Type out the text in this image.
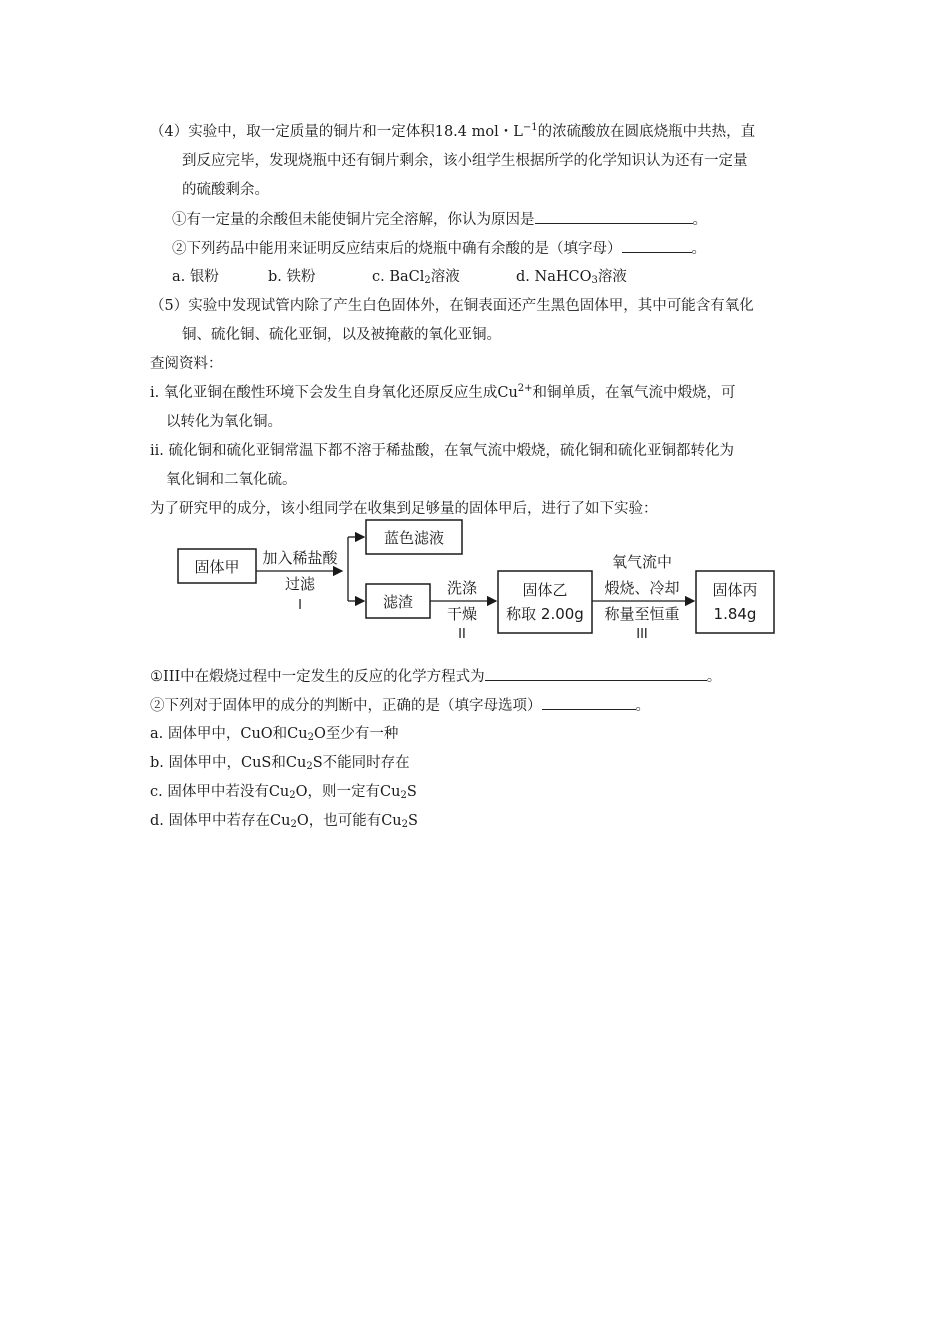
（4）实验中，取一定质量的铜片和一定体积18.4 mol・$L^{-1}$的浓硫酸放在圆底烧瓶中共热，直
到反应完毕，发现烧瓶中还有铜片剩余，该小组学生根据所学的化学知识认为还有一定量
的硫酸剩余。
①有一定量的余酸但未能使铜片完全溶解，你认为原因是	。
②下列药品中能用来证明反应结束后的烧瓶中确有余酸的是（填字母）	。
a. 银粉	b. 铁粉	c. BaCl$_2$溶液	d. NaHCO$_3$溶液
（5）实验中发现试管内除了产生白色固体外，在铜表面还产生黑色固体甲，其中可能含有氧化
铜、硫化铜、硫化亚铜，以及被掩蔽的氧化亚铜。
查阅资料：
i. 氧化亚铜在酸性环境下会发生自身氧化还原反应生成$Cu^{2+}$和铜单质，在氧气流中煅烧，可
以转化为氧化铜。
ii. 硫化铜和硫化亚铜常温下都不溶于稀盐酸，在氧气流中煅烧，硫化铜和硫化亚铜都转化为
氧化铜和二氧化硫。
为了研究甲的成分，该小组同学在收集到足够量的固体甲后，进行了如下实验：
固体甲 加入稀盐酸
过滤
I
蓝色滤液
滤渣
洗涤
干燥
II
固体乙
称取 2.00g
氧气流中
煅烧、冷却
称量至恒重
III
固体丙
1.84g
①III中在煅烧过程中一定发生的反应的化学方程式为	。
②下列对于固体甲的成分的判断中，正确的是（填字母选项）	。
a. 固体甲中，CuO和$Cu_2O$至少有一种
b. 固体甲中，CuS和$Cu_2S$不能同时存在
c. 固体甲中若没有$Cu_2O$，则一定有$Cu_2S$
d. 固体甲中若存在$Cu_2O$，也可能有$Cu_2S$
